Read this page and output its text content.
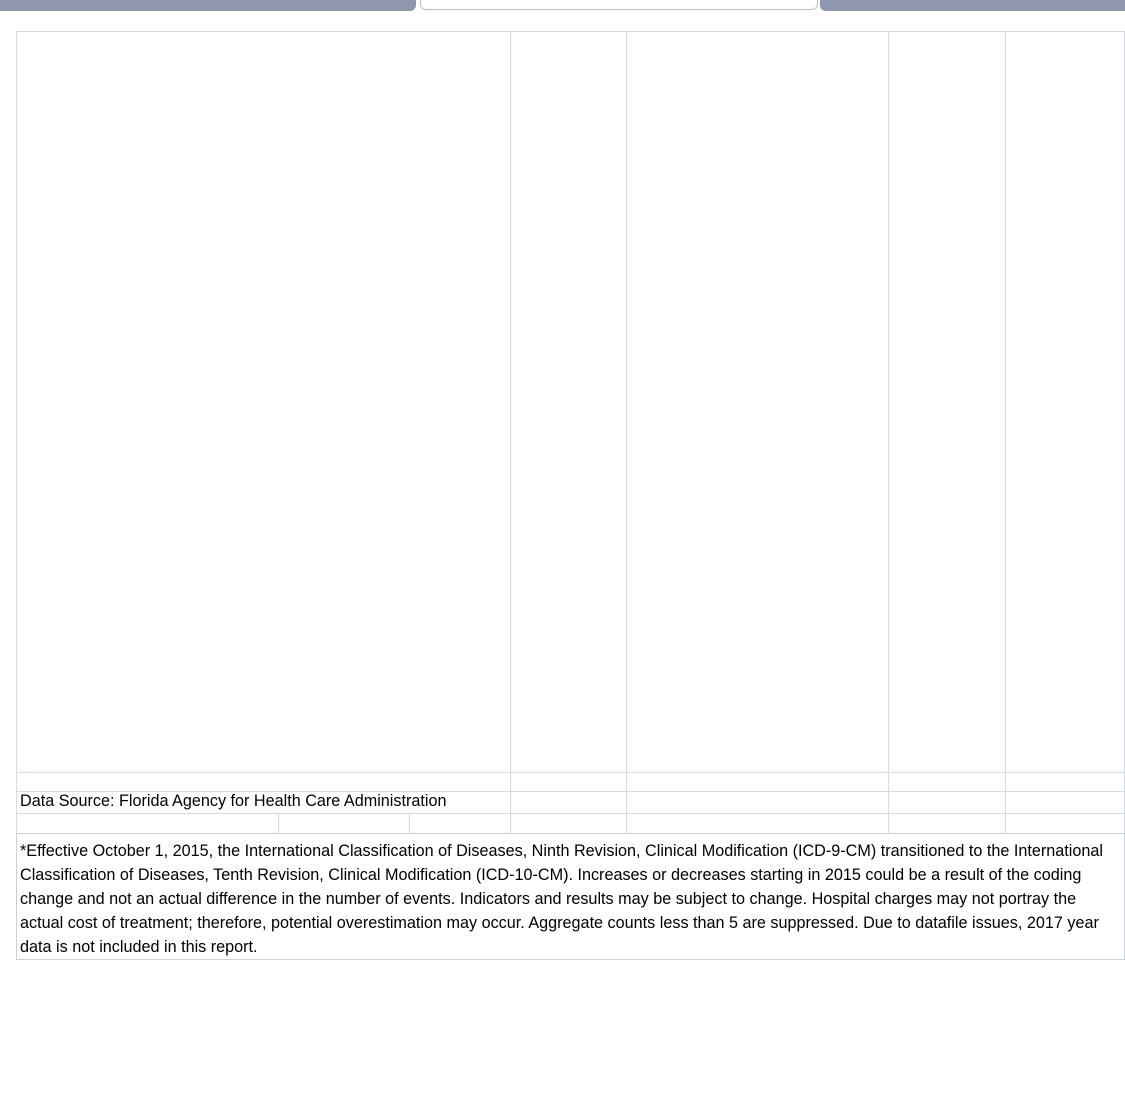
Data Source: Florida Agency for Health Care Administration
*Effective October 1, 2015, the International Classification of Diseases, Ninth Revision, Clinical Modification (ICD-9-CM) transitioned to the International Classification of Diseases, Tenth Revision, Clinical Modification (ICD-10-CM). Increases or decreases starting in 2015 could be a result of the coding change and not an actual difference in the number of events. Indicators and results may be subject to change. Hospital charges may not portray the actual cost of treatment; therefore, potential overestimation may occur. Aggregate counts less than 5 are suppressed. Due to datafile issues, 2017 year data is not included in this report.
